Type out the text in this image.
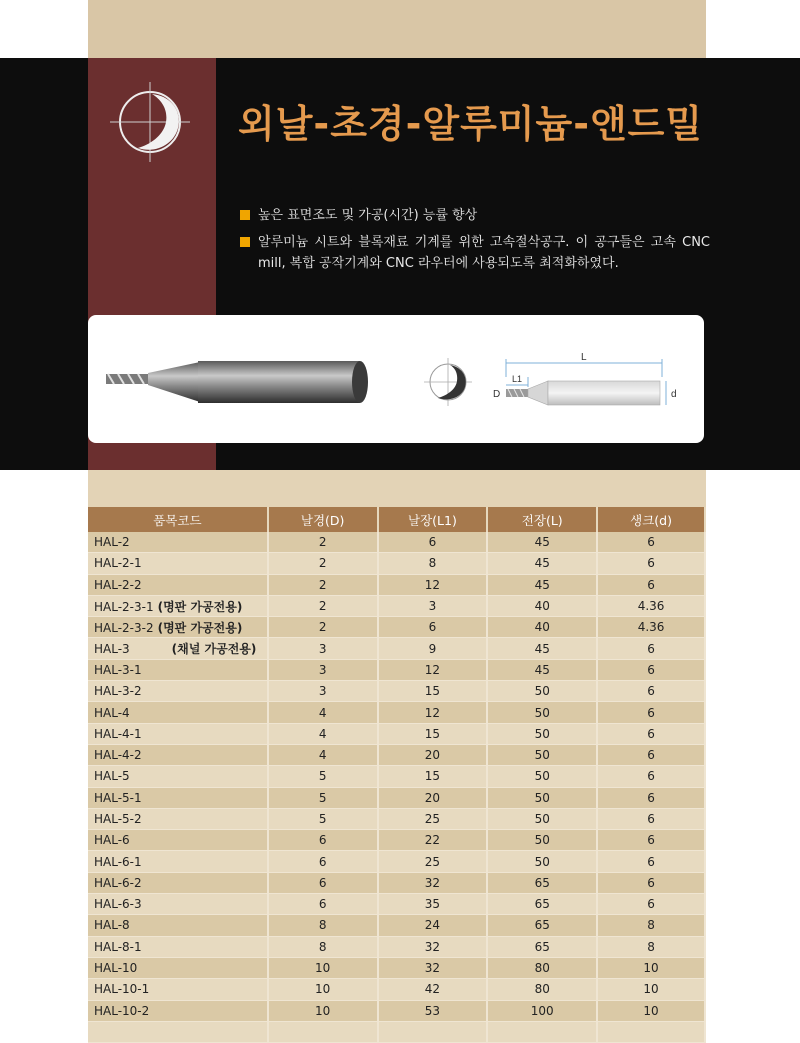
외날-초경-알루미늄-앤드밀
높은 표면조도 및 가공(시간) 능률 향상
알루미늄 시트와 블록재료 기계를 위한 고속절삭공구. 이 공구들은 고속 CNC mill, 복합 공작기계와 CNC 라우터에 사용되도록 최적화하였다.
L
L1
D	d
품목코드	날경(D)	날장(L1)	전장(L)	생크(d)
HAL-2	2	6	45	6
HAL-2-1	2	8	45	6
HAL-2-2	2	12	45	6
HAL-2-3-1 (명판 가공전용)	2	3	40	4.36
HAL-2-3-2 (명판 가공전용)	2	6	40	4.36
HAL-3 (채널 가공전용)	3	9	45	6
HAL-3-1	3	12	45	6
HAL-3-2	3	15	50	6
HAL-4	4	12	50	6
HAL-4-1	4	15	50	6
HAL-4-2	4	20	50	6
HAL-5	5	15	50	6
HAL-5-1	5	20	50	6
HAL-5-2	5	25	50	6
HAL-6	6	22	50	6
HAL-6-1	6	25	50	6
HAL-6-2	6	32	65	6
HAL-6-3	6	35	65	6
HAL-8	8	24	65	8
HAL-8-1	8	32	65	8
HAL-10	10	32	80	10
HAL-10-1	10	42	80	10
HAL-10-2	10	53	100	10
